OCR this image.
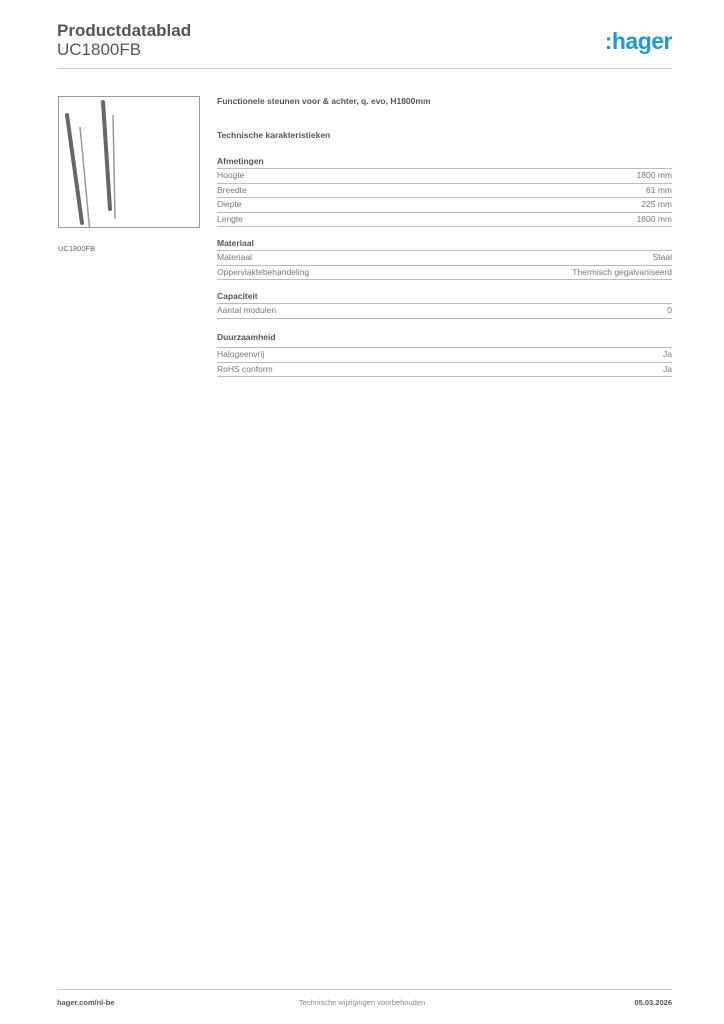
Productdatablad
UC1800FB	:hager
UC1800FB
Functionele steunen voor & achter, q. evo, H1800mm
Technische karakteristieken
Afmetingen
Hoogte	1800 mm
Breedte	61 mm
Diepte	225 mm
Lengte	1800 mm
Materiaal
Materiaal	Staal
Oppervlaktebehandeling	Thermisch gegalvaniseerd
Capaciteit
Aantal modulen	0
Duurzaamheid
Halogeenvrij	Ja
RoHS conform	Ja
hager.com/nl-be	Technische wijzigingen voorbehouden	05.03.2026
